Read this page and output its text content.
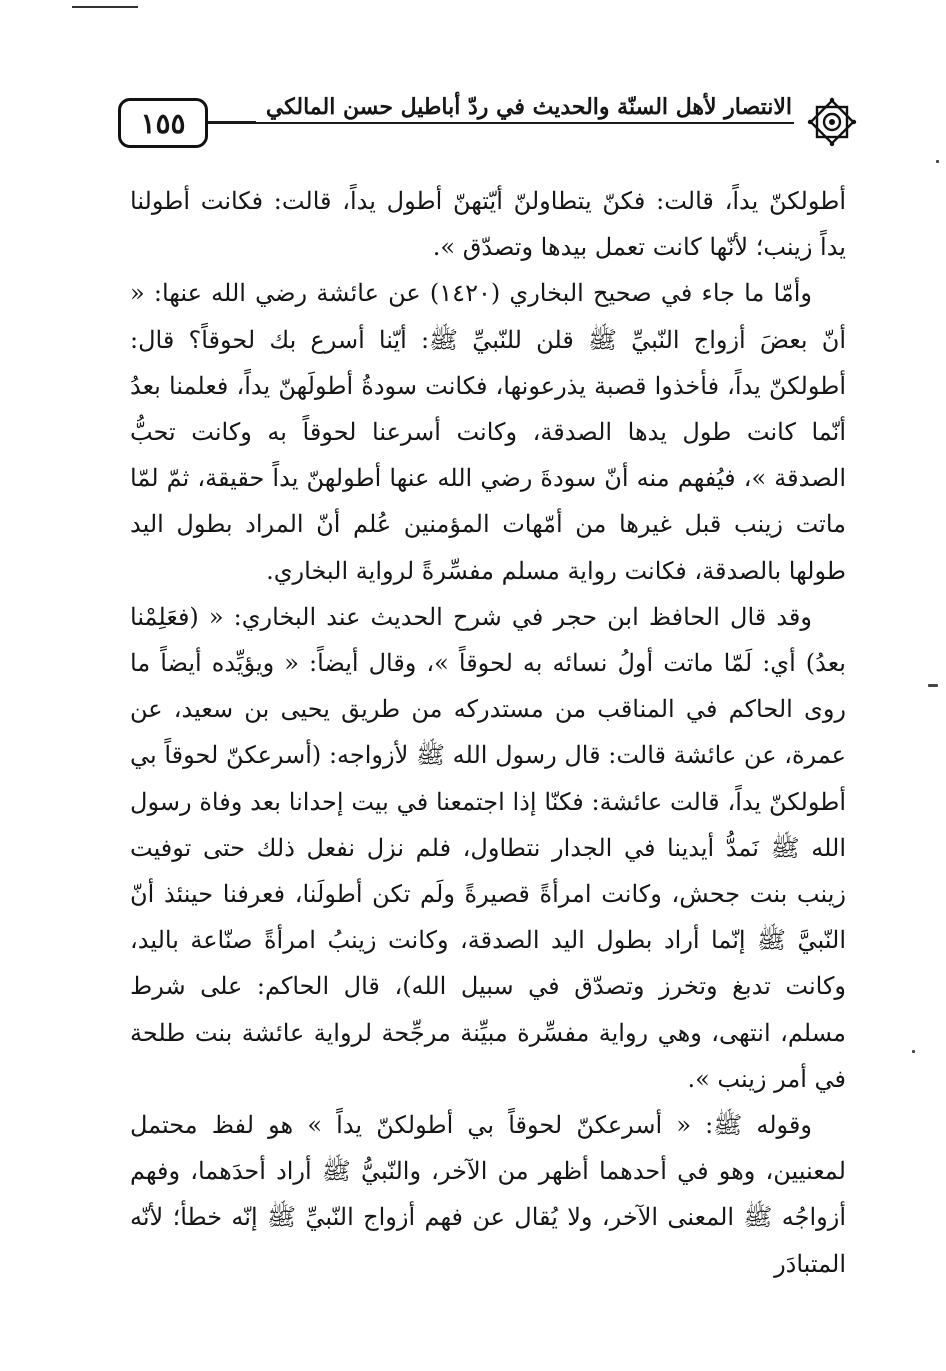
١٥٥	الانتصار لأهل السنّة والحديث في ردّ أباطيل حسن المالكي

أطولكنّ يداً، قالت: فكنّ يتطاولنّ أيّتهنّ أطول يداً، قالت: فكانت أطولنا يداً زينب؛ لأنّها كانت تعمل بيدها وتصدّق ».

وأمّا ما جاء في صحيح البخاري (١٤٢٠) عن عائشة رضي الله عنها: « أنّ بعضَ أزواج النّبيِّ ﷺ قلن للنّبيِّ ﷺ: أيّنا أسرع بك لحوقاً؟ قال: أطولكنّ يداً، فأخذوا قصبة يذرعونها، فكانت سودةُ أطولَهنّ يداً، فعلمنا بعدُ أنّما كانت طول يدها الصدقة، وكانت أسرعنا لحوقاً به وكانت تحبُّ الصدقة »، فيُفهم منه أنّ سودةَ رضي الله عنها أطولهنّ يداً حقيقة، ثمّ لمّا ماتت زينب قبل غيرها من أمّهات المؤمنين عُلم أنّ المراد بطول اليد طولها بالصدقة، فكانت رواية مسلم مفسِّرةً لرواية البخاري.

وقد قال الحافظ ابن حجر في شرح الحديث عند البخاري: « (فعَلِمْنا بعدُ) أي: لَمّا ماتت أولُ نسائه به لحوقاً »، وقال أيضاً: « ويؤيِّده أيضاً ما روى الحاكم في المناقب من مستدركه من طريق يحيى بن سعيد، عن عمرة، عن عائشة قالت: قال رسول الله ﷺ لأزواجه: (أسرعكنّ لحوقاً بي أطولكنّ يداً، قالت عائشة: فكنّا إذا اجتمعنا في بيت إحدانا بعد وفاة رسول الله ﷺ نَمدُّ أيدينا في الجدار نتطاول، فلم نزل نفعل ذلك حتى توفيت زينب بنت جحش، وكانت امرأةً قصيرةً ولَم تكن أطولَنا، فعرفنا حينئذ أنّ النّبيَّ ﷺ إنّما أراد بطول اليد الصدقة، وكانت زينبُ امرأةً صنّاعة باليد، وكانت تدبغ وتخرز وتصدّق في سبيل الله)، قال الحاكم: على شرط مسلم، انتهى، وهي رواية مفسِّرة مبيِّنة مرجِّحة لرواية عائشة بنت طلحة في أمر زينب ».

وقوله ﷺ: « أسرعكنّ لحوقاً بي أطولكنّ يداً » هو لفظ محتمل لمعنيين، وهو في أحدهما أظهر من الآخر، والنّبيُّ ﷺ أراد أحدَهما، وفهم أزواجُه ﷺ المعنى الآخر، ولا يُقال عن فهم أزواج النّبيِّ ﷺ إنّه خطأ؛ لأنّه المتبادَر
